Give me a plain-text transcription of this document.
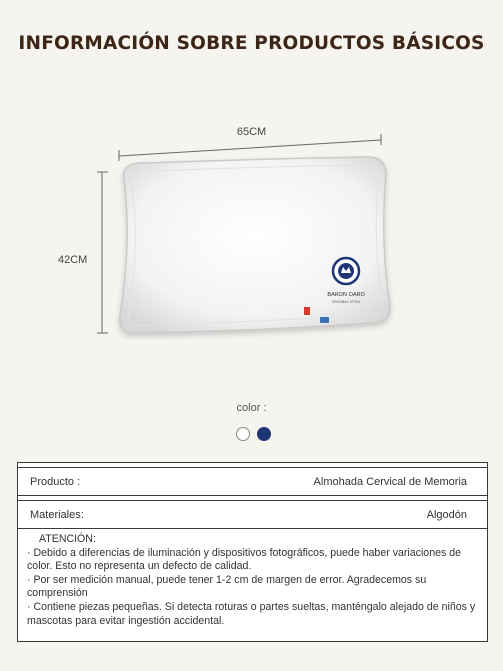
INFORMACIÓN SOBRE PRODUCTOS BÁSICOS
65CM
42CM
BARON DARO
ORIGINAL STYLE
color :
Producto :	Almohada Cervical de Memoria
Materiales:	Algodón

ATENCIÓN:

· Debido a diferencias de iluminación y dispositivos fotográficos, puede haber variaciones de color. Esto no representa un defecto de calidad.

· Por ser medición manual, puede tener 1-2 cm de margen de error. Agradecemos su comprensión

· Contiene piezas pequeñas. Si detecta roturas o partes sueltas, manténgalo alejado de niños y mascotas para evitar ingestión accidental.
